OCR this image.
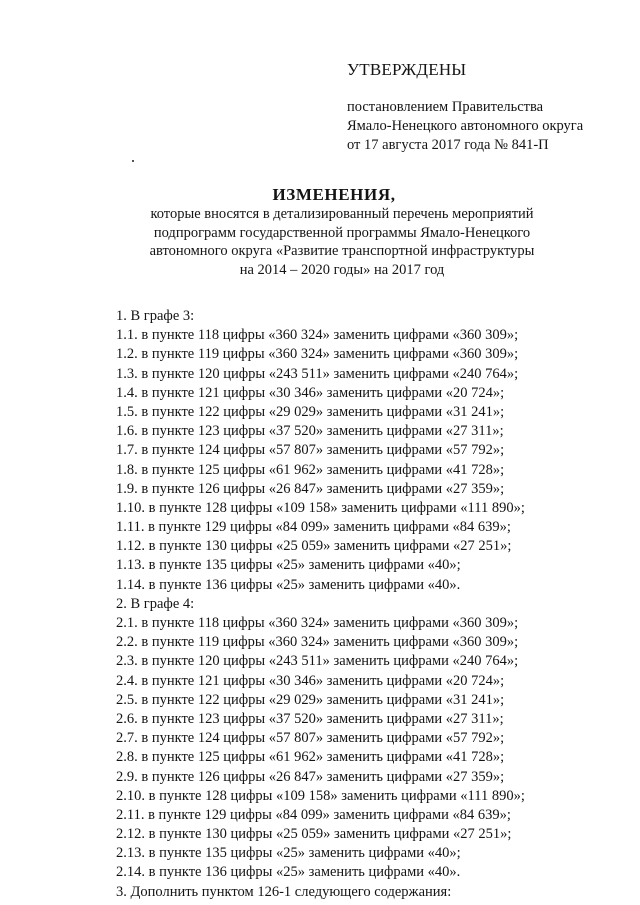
УТВЕРЖДЕНЫ
постановлением Правительства
Ямало-Ненецкого автономного округа
от 17 августа 2017 года № 841-П
ИЗМЕНЕНИЯ,
которые вносятся в детализированный перечень мероприятий
подпрограмм государственной программы Ямало-Ненецкого
автономного округа «Развитие транспортной инфраструктуры
на 2014 – 2020 годы» на 2017 год
1. В графе 3:
1.1. в пункте 118 цифры «360 324» заменить цифрами «360 309»;
1.2. в пункте 119 цифры «360 324» заменить цифрами «360 309»;
1.3. в пункте 120 цифры «243 511» заменить цифрами «240 764»;
1.4. в пункте 121 цифры «30 346» заменить цифрами «20 724»;
1.5. в пункте 122 цифры «29 029» заменить цифрами «31 241»;
1.6. в пункте 123 цифры «37 520» заменить цифрами «27 311»;
1.7. в пункте 124 цифры «57 807» заменить цифрами «57 792»;
1.8. в пункте 125 цифры «61 962» заменить цифрами «41 728»;
1.9. в пункте 126 цифры «26 847» заменить цифрами «27 359»;
1.10. в пункте 128 цифры «109 158» заменить цифрами «111 890»;
1.11. в пункте 129 цифры «84 099» заменить цифрами «84 639»;
1.12. в пункте 130 цифры «25 059» заменить цифрами «27 251»;
1.13. в пункте 135 цифры «25» заменить цифрами «40»;
1.14. в пункте 136 цифры «25» заменить цифрами «40».
2. В графе 4:
2.1. в пункте 118 цифры «360 324» заменить цифрами «360 309»;
2.2. в пункте 119 цифры «360 324» заменить цифрами «360 309»;
2.3. в пункте 120 цифры «243 511» заменить цифрами «240 764»;
2.4. в пункте 121 цифры «30 346» заменить цифрами «20 724»;
2.5. в пункте 122 цифры «29 029» заменить цифрами «31 241»;
2.6. в пункте 123 цифры «37 520» заменить цифрами «27 311»;
2.7. в пункте 124 цифры «57 807» заменить цифрами «57 792»;
2.8. в пункте 125 цифры «61 962» заменить цифрами «41 728»;
2.9. в пункте 126 цифры «26 847» заменить цифрами «27 359»;
2.10. в пункте 128 цифры «109 158» заменить цифрами «111 890»;
2.11. в пункте 129 цифры «84 099» заменить цифрами «84 639»;
2.12. в пункте 130 цифры «25 059» заменить цифрами «27 251»;
2.13. в пункте 135 цифры «25» заменить цифрами «40»;
2.14. в пункте 136 цифры «25» заменить цифрами «40».
3. Дополнить пунктом 126-1 следующего содержания:
